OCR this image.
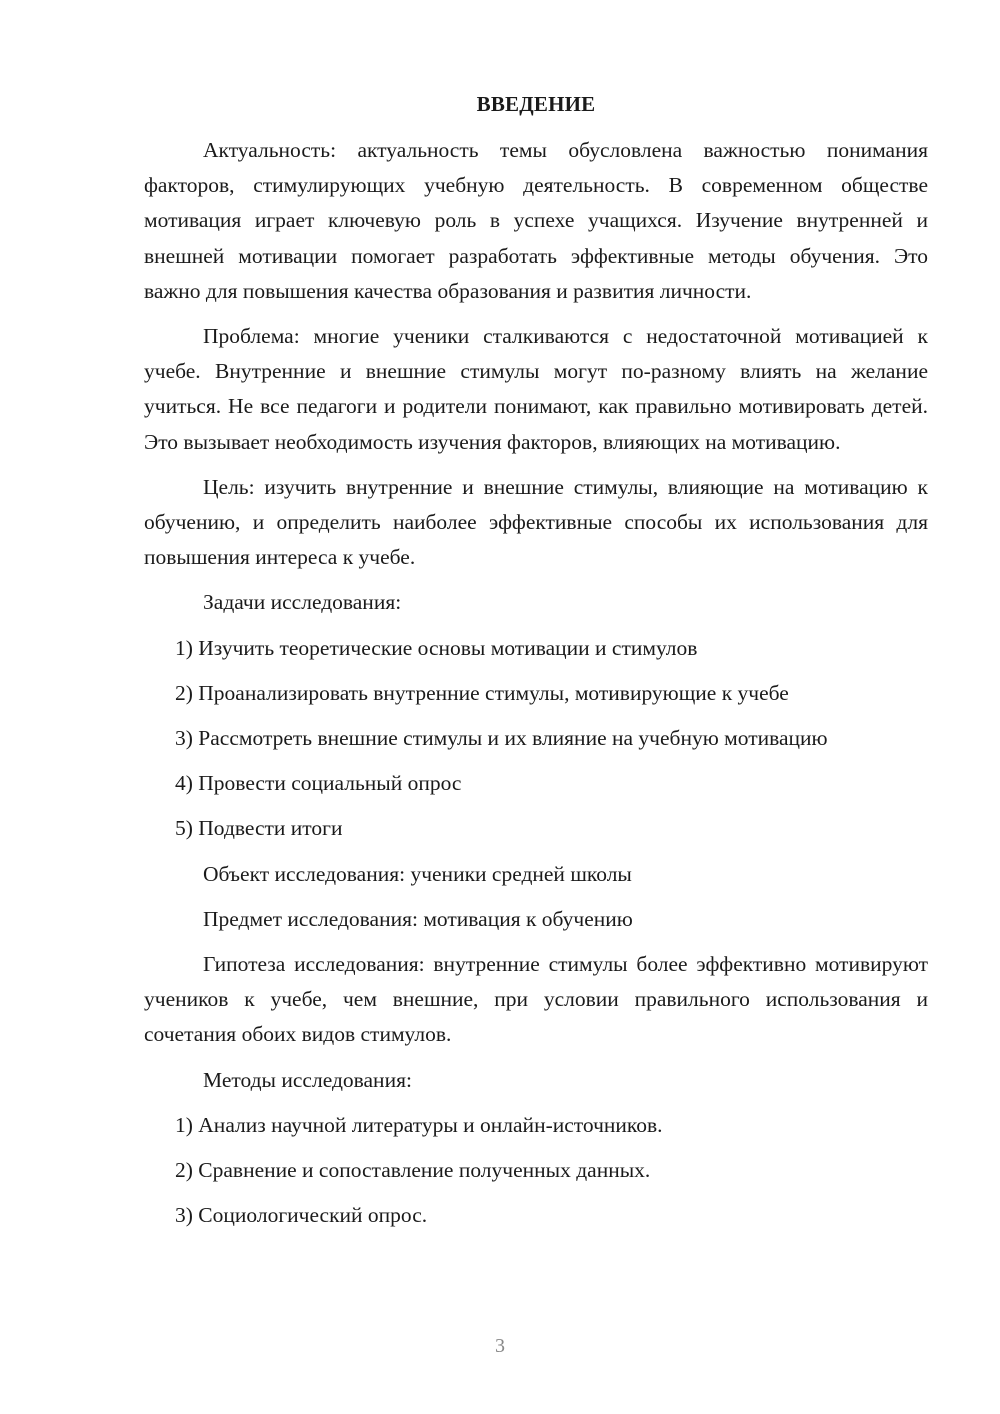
ВВЕДЕНИЕ

Актуальность: актуальность темы обусловлена важностью понимания факторов, стимулирующих учебную деятельность. В современном обществе мотивация играет ключевую роль в успехе учащихся. Изучение внутренней и внешней мотивации помогает разработать эффективные методы обучения. Это важно для повышения качества образования и развития личности.

Проблема: многие ученики сталкиваются с недостаточной мотивацией к учебе. Внутренние и внешние стимулы могут по-разному влиять на желание учиться. Не все педагоги и родители понимают, как правильно мотивировать детей. Это вызывает необходимость изучения факторов, влияющих на мотивацию.

Цель: изучить внутренние и внешние стимулы, влияющие на мотивацию к обучению, и определить наиболее эффективные способы их использования для повышения интереса к учебе.

Задачи исследования:
1) Изучить теоретические основы мотивации и стимулов
2) Проанализировать внутренние стимулы, мотивирующие к учебе
3) Рассмотреть внешние стимулы и их влияние на учебную мотивацию
4) Провести социальный опрос
5) Подвести итоги
Объект исследования: ученики средней школы
Предмет исследования: мотивация к обучению

Гипотеза исследования: внутренние стимулы более эффективно мотивируют учеников к учебе, чем внешние, при условии правильного использования и сочетания обоих видов стимулов.

Методы исследования:
1) Анализ научной литературы и онлайн-источников.
2) Сравнение и сопоставление полученных данных.
3) Социологический опрос.
3
